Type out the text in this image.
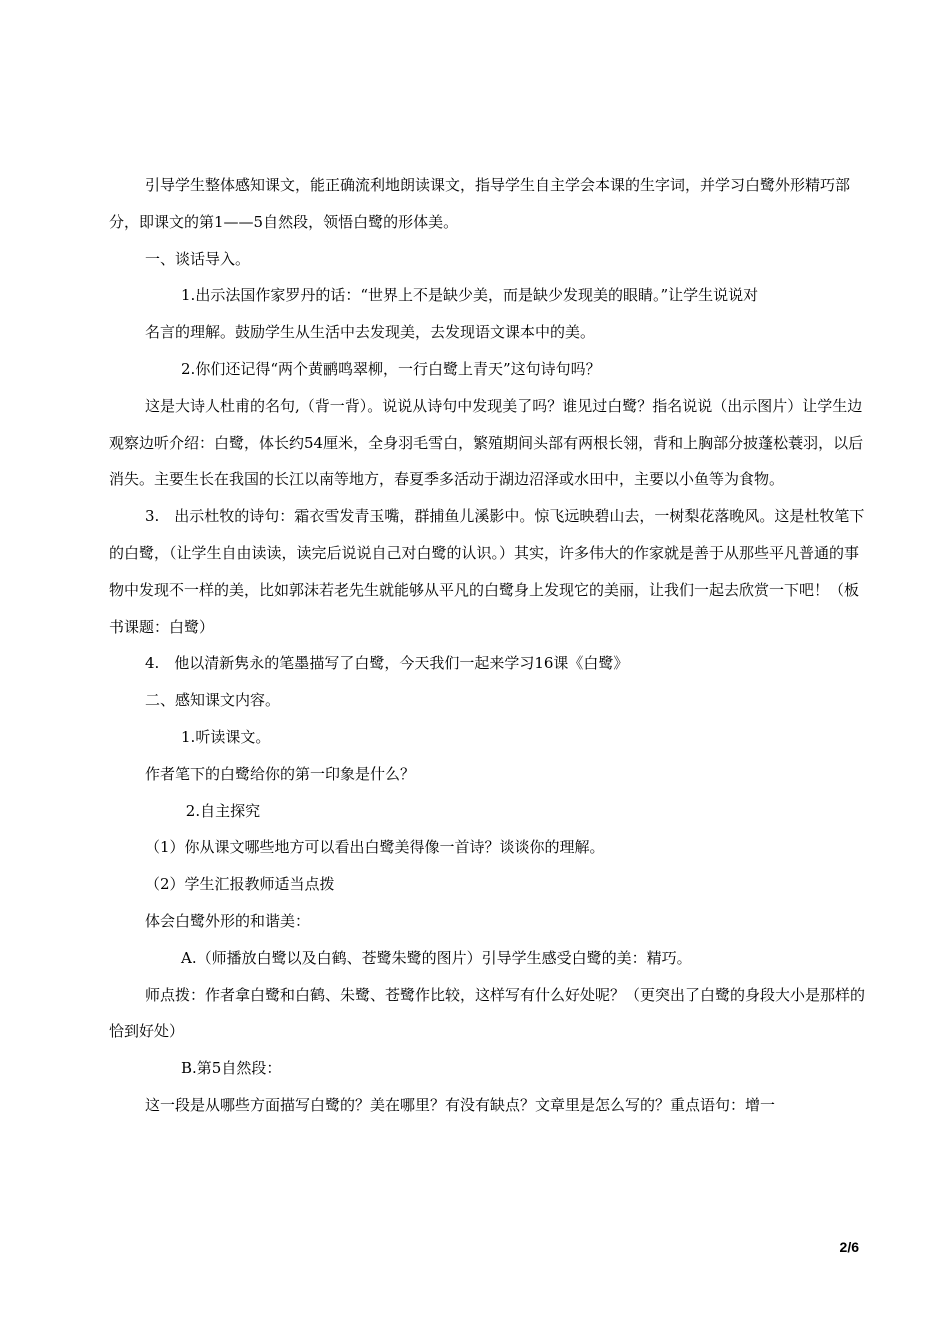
引导学生整体感知课文，能正确流利地朗读课文，指导学生自主学会本课的生字词，并学习白鹭外形精巧部分，即课文的第1——5自然段，领悟白鹭的形体美。

一、谈话导入。

1.出示法国作家罗丹的话：“世界上不是缺少美，而是缺少发现美的眼睛。”让学生说说对

名言的理解。鼓励学生从生活中去发现美，去发现语文课本中的美。

2.你们还记得“两个黄鹂鸣翠柳，一行白鹭上青天”这句诗句吗？

这是大诗人杜甫的名句,（背一背）。说说从诗句中发现美了吗？谁见过白鹭？指名说说（出示图片）让学生边观察边听介绍：白鹭，体长约54厘米，全身羽毛雪白，繁殖期间头部有两根长翎，背和上胸部分披蓬松蓑羽，以后消失。主要生长在我国的长江以南等地方，春夏季多活动于湖边沼泽或水田中，主要以小鱼等为食物。

3.　出示杜牧的诗句：霜衣雪发青玉嘴，群捕鱼儿溪影中。惊飞远映碧山去，一树梨花落晚风。这是杜牧笔下的白鹭，（让学生自由读读，读完后说说自己对白鹭的认识。）其实，许多伟大的作家就是善于从那些平凡普通的事物中发现不一样的美，比如郭沫若老先生就能够从平凡的白鹭身上发现它的美丽，让我们一起去欣赏一下吧！（板书课题：白鹭）

4.　他以清新隽永的笔墨描写了白鹭，今天我们一起来学习16课《白鹭》

二、感知课文内容。

1.听读课文。

作者笔下的白鹭给你的第一印象是什么？

2.自主探究

（1）你从课文哪些地方可以看出白鹭美得像一首诗？谈谈你的理解。

（2）学生汇报教师适当点拨

体会白鹭外形的和谐美：

A.（师播放白鹭以及白鹤、苍鹭朱鹭的图片）引导学生感受白鹭的美：精巧。

师点拨：作者拿白鹭和白鹤、朱鹭、苍鹭作比较，这样写有什么好处呢？（更突出了白鹭的身段大小是那样的恰到好处）

B.第5自然段：

这一段是从哪些方面描写白鹭的？美在哪里？有没有缺点？文章里是怎么写的？重点语句：增一

2/6
